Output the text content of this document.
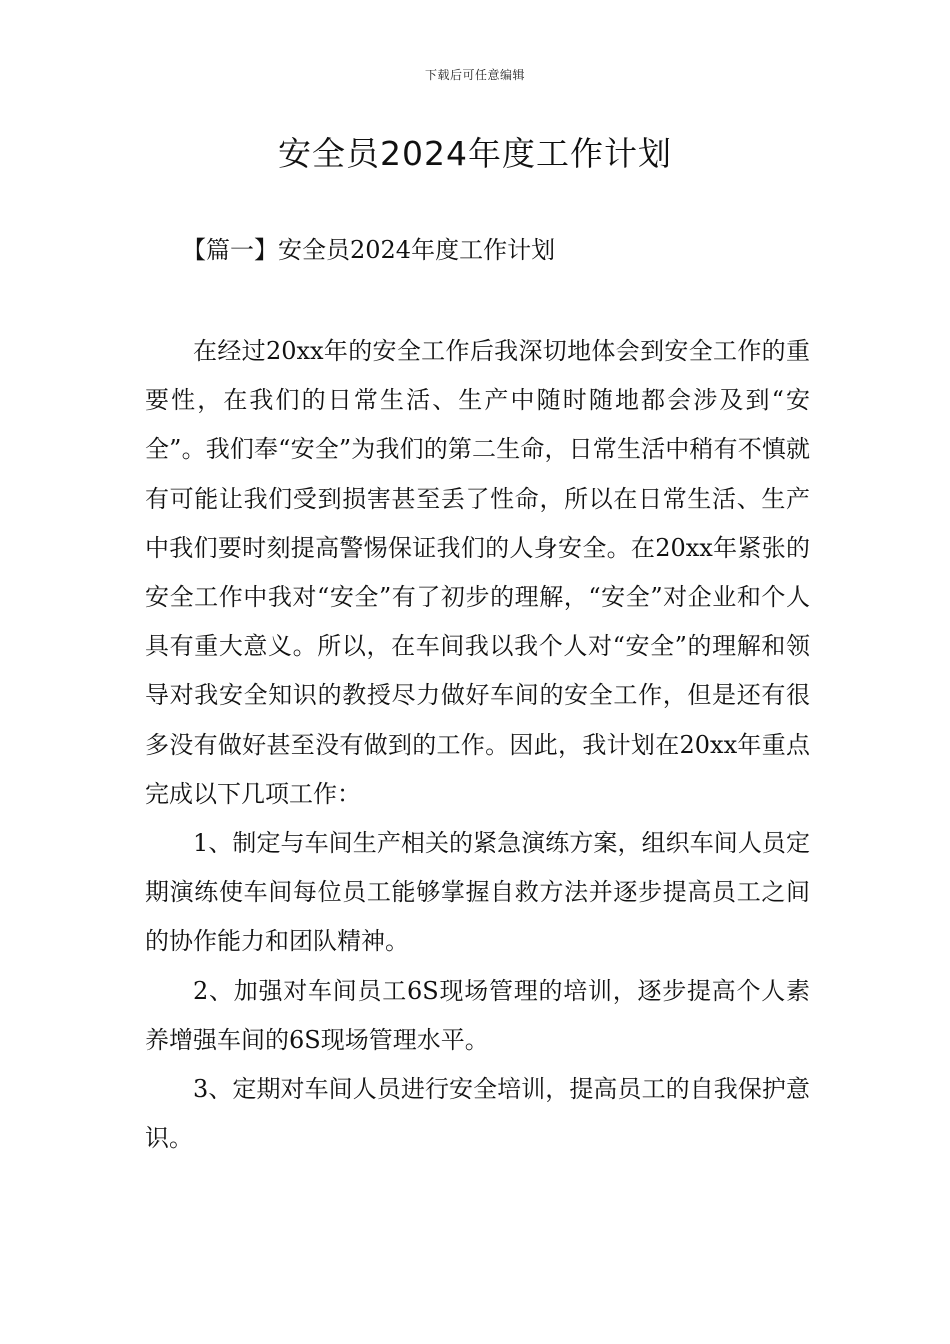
下载后可任意编辑
安全员2024年度工作计划
【篇一】安全员2024年度工作计划

在经过20xx年的安全工作后我深切地体会到安全工作的重要性，在我们的日常生活、生产中随时随地都会涉及到“安全”。我们奉“安全”为我们的第二生命，日常生活中稍有不慎就有可能让我们受到损害甚至丢了性命，所以在日常生活、生产中我们要时刻提高警惕保证我们的人身安全。在20xx年紧张的安全工作中我对“安全”有了初步的理解，“安全”对企业和个人具有重大意义。所以，在车间我以我个人对“安全”的理解和领导对我安全知识的教授尽力做好车间的安全工作，但是还有很多没有做好甚至没有做到的工作。因此，我计划在20xx年重点完成以下几项工作：

1、制定与车间生产相关的紧急演练方案，组织车间人员定期演练使车间每位员工能够掌握自救方法并逐步提高员工之间的协作能力和团队精神。

2、加强对车间员工6S现场管理的培训，逐步提高个人素养增强车间的6S现场管理水平。

3、定期对车间人员进行安全培训，提高员工的自我保护意识。
